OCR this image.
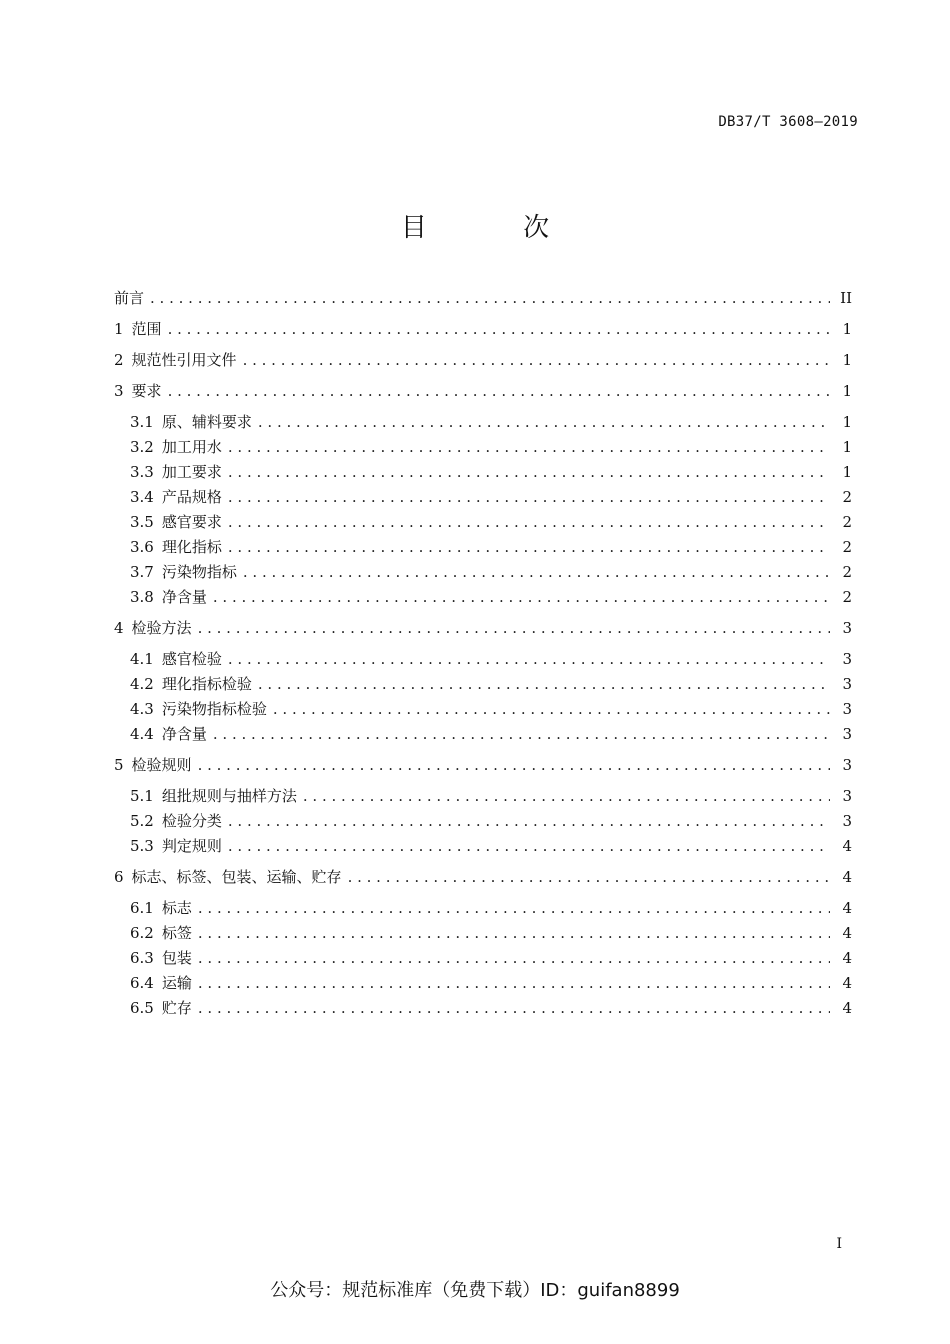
DB37/T 3608—2019
目 次
前言 . . .	II
1 范围 . . .	1
2 规范性引用文件 . . .	1
3 要求 . . .	1
3.1 原、辅料要求 . . .	1
3.2 加工用水 . . .	1
3.3 加工要求 . . .	1
3.4 产品规格 . . .	2
3.5 感官要求 . . .	2
3.6 理化指标 . . .	2
3.7 污染物指标 . . .	2
3.8 净含量 . . .	2
4 检验方法 . . .	3
4.1 感官检验 . . .	3
4.2 理化指标检验 . . .	3
4.3 污染物指标检验 . . .	3
4.4 净含量 . . .	3
5 检验规则 . . .	3
5.1 组批规则与抽样方法 . . .	3
5.2 检验分类 . . .	3
5.3 判定规则 . . .	4
6 标志、标签、包装、运输、贮存 . . .	4
6.1 标志 . . .	4
6.2 标签 . . .	4
6.3 包装 . . .	4
6.4 运输 . . .	4
6.5 贮存 . . .	4
I
公众号：规范标准库（免费下载）ID：guifan8899
